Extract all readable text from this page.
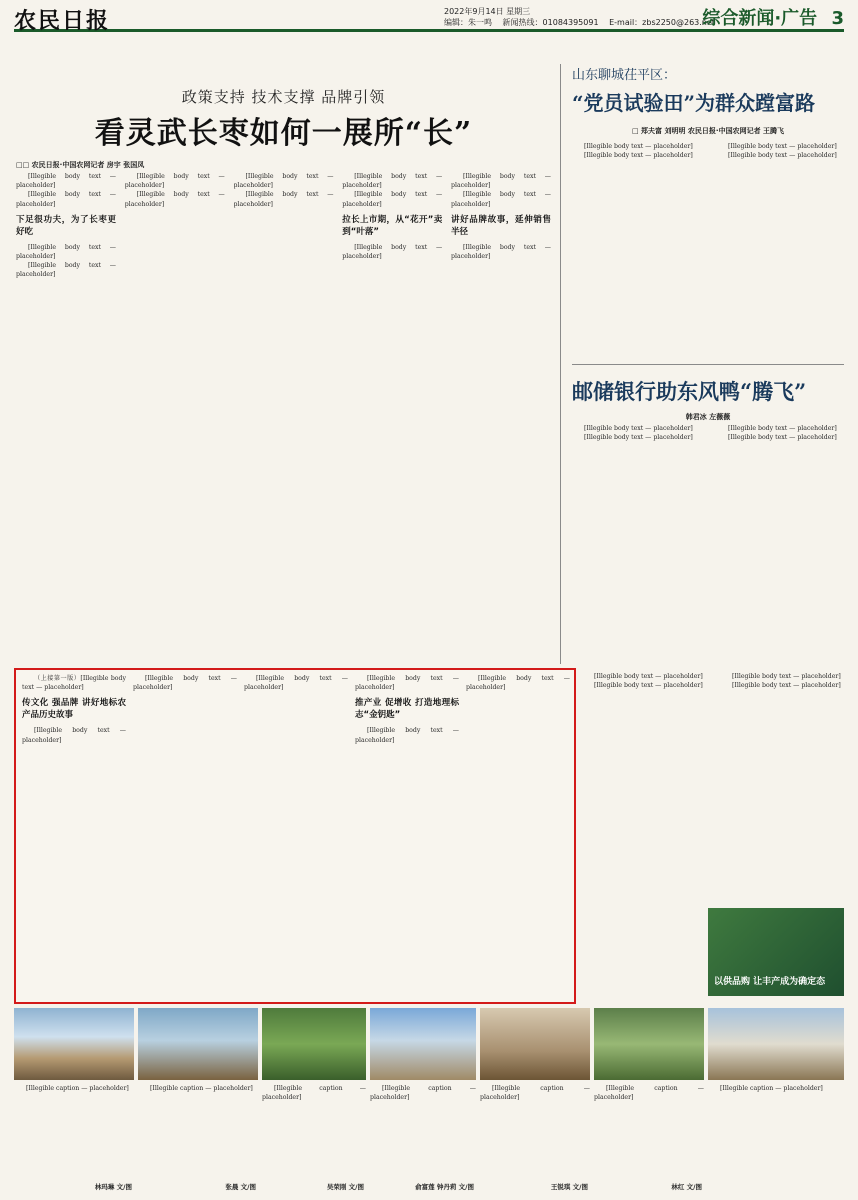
农民日报	2022年9月14日 星期三
编辑：朱一鸣 新闻热线：01084395091 E-mail：zbs2250@263.net
综合新闻·广告 3
政策支持 技术支撑 品牌引领
看灵武长枣如何一展所“长”
□□ 农民日报·中国农网记者 房宇 张国凤
[Illegible body text — placeholder]
[Illegible body text — placeholder]
下足很功夫，为了长枣更好吃
[Illegible body text — placeholder]
[Illegible body text — placeholder]
[Illegible body text — placeholder]
[Illegible body text — placeholder]
[Illegible body text — placeholder]
[Illegible body text — placeholder]
[Illegible body text — placeholder]
[Illegible body text — placeholder]
拉长上市期，从“花开”卖到“叶落”
[Illegible body text — placeholder]
[Illegible body text — placeholder]
[Illegible body text — placeholder]
讲好品牌故事，延伸销售半径
[Illegible body text — placeholder]
山东聊城茌平区：
“党员试验田”为群众蹚富路
□ 郑夫富 刘明明 农民日报·中国农网记者 王腾飞
[Illegible body text — placeholder]
[Illegible body text — placeholder]
[Illegible body text — placeholder]
[Illegible body text — placeholder]
邮储银行助东风鸭“腾飞”
韩君冰 左薇薇
[Illegible body text — placeholder]
[Illegible body text — placeholder]
[Illegible body text — placeholder]
[Illegible body text — placeholder]
（上接第一版）[Illegible body text — placeholder]
传文化 强品牌 讲好地标农产品历史故事
[Illegible body text — placeholder]
[Illegible body text — placeholder]
[Illegible body text — placeholder]
[Illegible body text — placeholder]
推产业 促增收 打造地理标志“金钥匙”
[Illegible body text — placeholder]
[Illegible body text — placeholder]
[Illegible body text — placeholder]
[Illegible body text — placeholder]
[Illegible body text — placeholder]
[Illegible body text — placeholder]
以供品购 让丰产成为确定态
[Illegible caption — placeholder]
林玛琳 文/图
[Illegible caption — placeholder]
张晨 文/图
[Illegible caption — placeholder]
吴荣刚 文/图
[Illegible caption — placeholder]
俞富莲 钟丹莉 文/图
[Illegible caption — placeholder]
王锐琪 文/图
[Illegible caption — placeholder]
林红 文/图
[Illegible caption — placeholder]
